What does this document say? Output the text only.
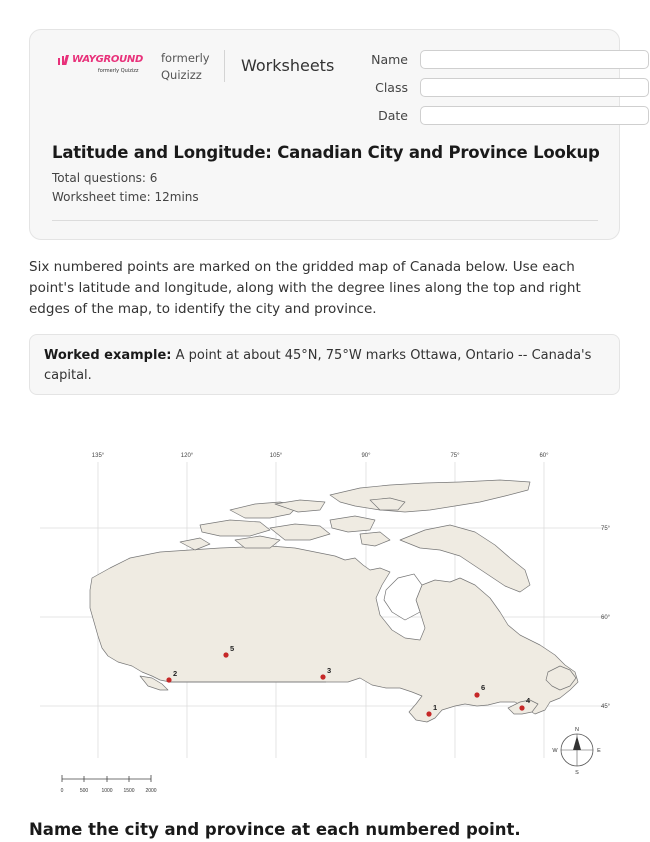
WAYGROUND
formerly Quizizz
formerly Quizizz	Worksheets	Name
Class
Date
Latitude and Longitude: Canadian City and Province Lookup
Total questions: 6
Worksheet time: 12mins
Six numbered points are marked on the gridded map of Canada below. Use each point's latitude and longitude, along with the degree lines along the top and right edges of the map, to identify the city and province.
Worked example: A point at about 45°N, 75°W marks Ottawa, Ontario -- Canada's capital.
135°	120°	105°	90°	75°	60°
75°
60°
45°
1
2	3
4
5
6
N
S
E
W
0	500	1000 1500 2000
Name the city and province at each numbered point.
